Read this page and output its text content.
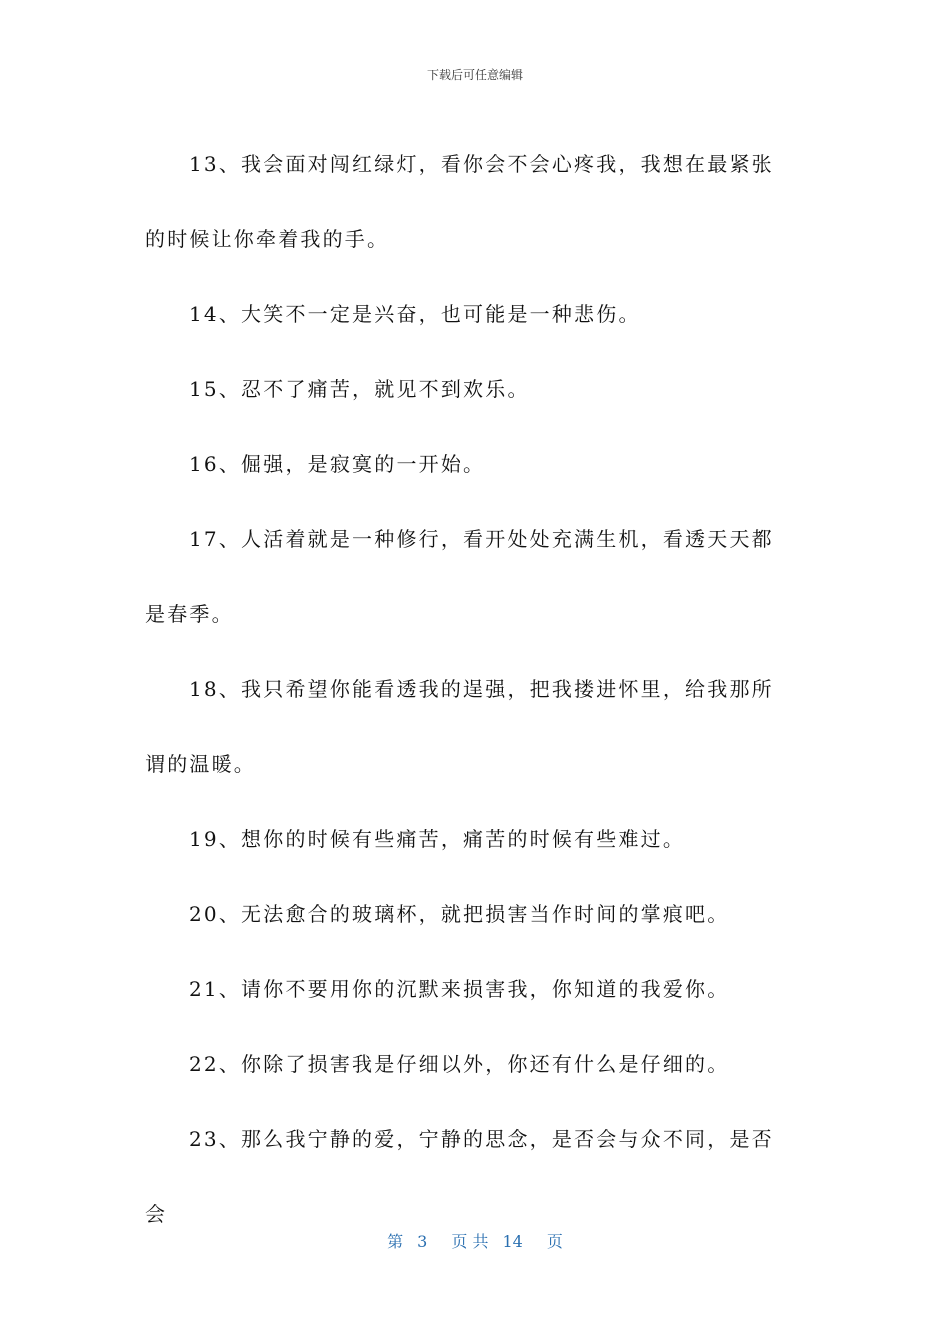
下载后可任意编辑

13、我会面对闯红绿灯，看你会不会心疼我，我想在最紧张的时候让你牵着我的手。

14、大笑不一定是兴奋，也可能是一种悲伤。

15、忍不了痛苦，就见不到欢乐。

16、倔强，是寂寞的一开始。

17、人活着就是一种修行，看开处处充满生机，看透天天都是春季。

18、我只希望你能看透我的逞强，把我搂进怀里，给我那所谓的温暖。

19、想你的时候有些痛苦，痛苦的时候有些难过。

20、无法愈合的玻璃杯，就把损害当作时间的掌痕吧。

21、请你不要用你的沉默来损害我，你知道的我爱你。

22、你除了损害我是仔细以外，你还有什么是仔细的。

23、那么我宁静的爱，宁静的思念，是否会与众不同，是否会

第 3 页 共 14 页
